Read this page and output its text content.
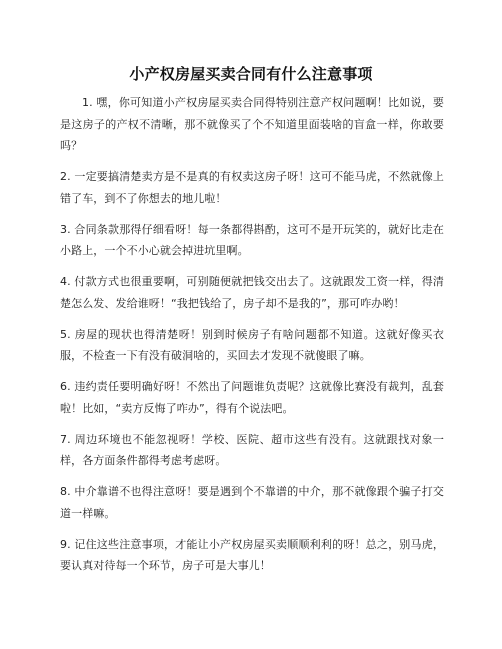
小产权房屋买卖合同有什么注意事项

1. 嘿，你可知道小产权房屋买卖合同得特别注意产权问题啊！比如说，要是这房子的产权不清晰，那不就像买了个不知道里面装啥的盲盒一样，你敢要吗？

2. 一定要搞清楚卖方是不是真的有权卖这房子呀！这可不能马虎，不然就像上错了车，到不了你想去的地儿啦！

3. 合同条款那得仔细看呀！每一条都得斟酌，这可不是开玩笑的，就好比走在小路上，一个不小心就会掉进坑里啊。

4. 付款方式也很重要啊，可别随便就把钱交出去了。这就跟发工资一样，得清楚怎么发、发给谁呀！“我把钱给了，房子却不是我的”，那可咋办哟！

5. 房屋的现状也得清楚呀！别到时候房子有啥问题都不知道。这就好像买衣服，不检查一下有没有破洞啥的，买回去才发现不就傻眼了嘛。

6. 违约责任要明确好呀！不然出了问题谁负责呢？这就像比赛没有裁判，乱套啦！比如，“卖方反悔了咋办”，得有个说法吧。

7. 周边环境也不能忽视呀！学校、医院、超市这些有没有。这就跟找对象一样，各方面条件都得考虑考虑呀。

8. 中介靠谱不也得注意呀！要是遇到个不靠谱的中介，那不就像跟个骗子打交道一样嘛。

9. 记住这些注意事项，才能让小产权房屋买卖顺顺利利的呀！总之，别马虎，要认真对待每一个环节，房子可是大事儿！
